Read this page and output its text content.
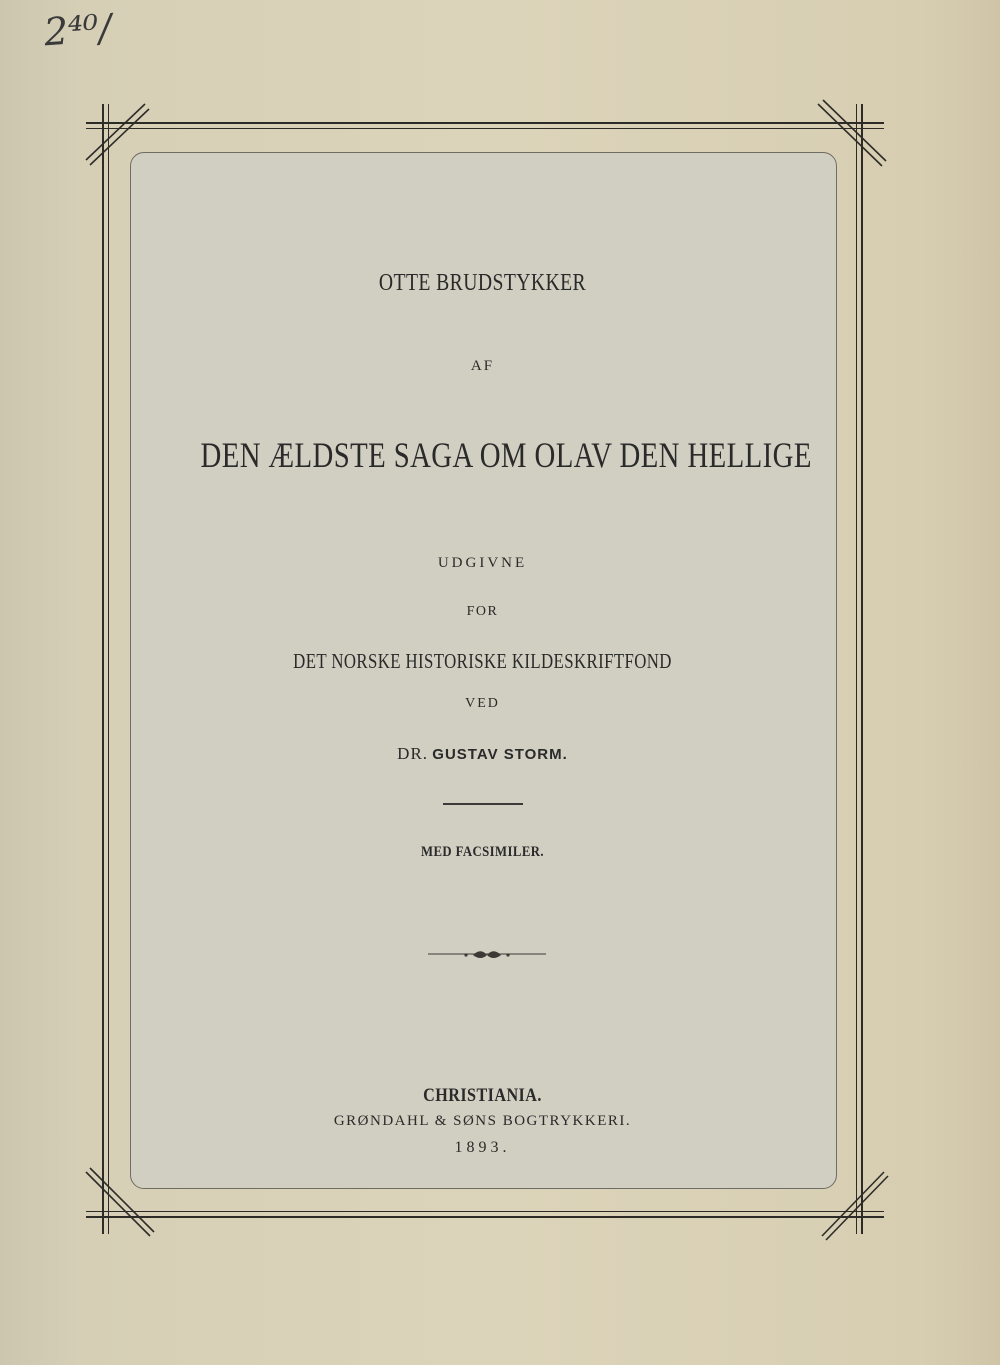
2⁴⁰/
OTTE BRUDSTYKKER
AF
DEN ÆLDSTE SAGA OM OLAV DEN HELLIGE
UDGIVNE
FOR
DET NORSKE HISTORISKE KILDESKRIFTFOND
VED
DR. GUSTAV STORM.
MED FACSIMILER.
CHRISTIANIA.
GRØNDAHL & SØNS BOGTRYKKERI.
1893.
